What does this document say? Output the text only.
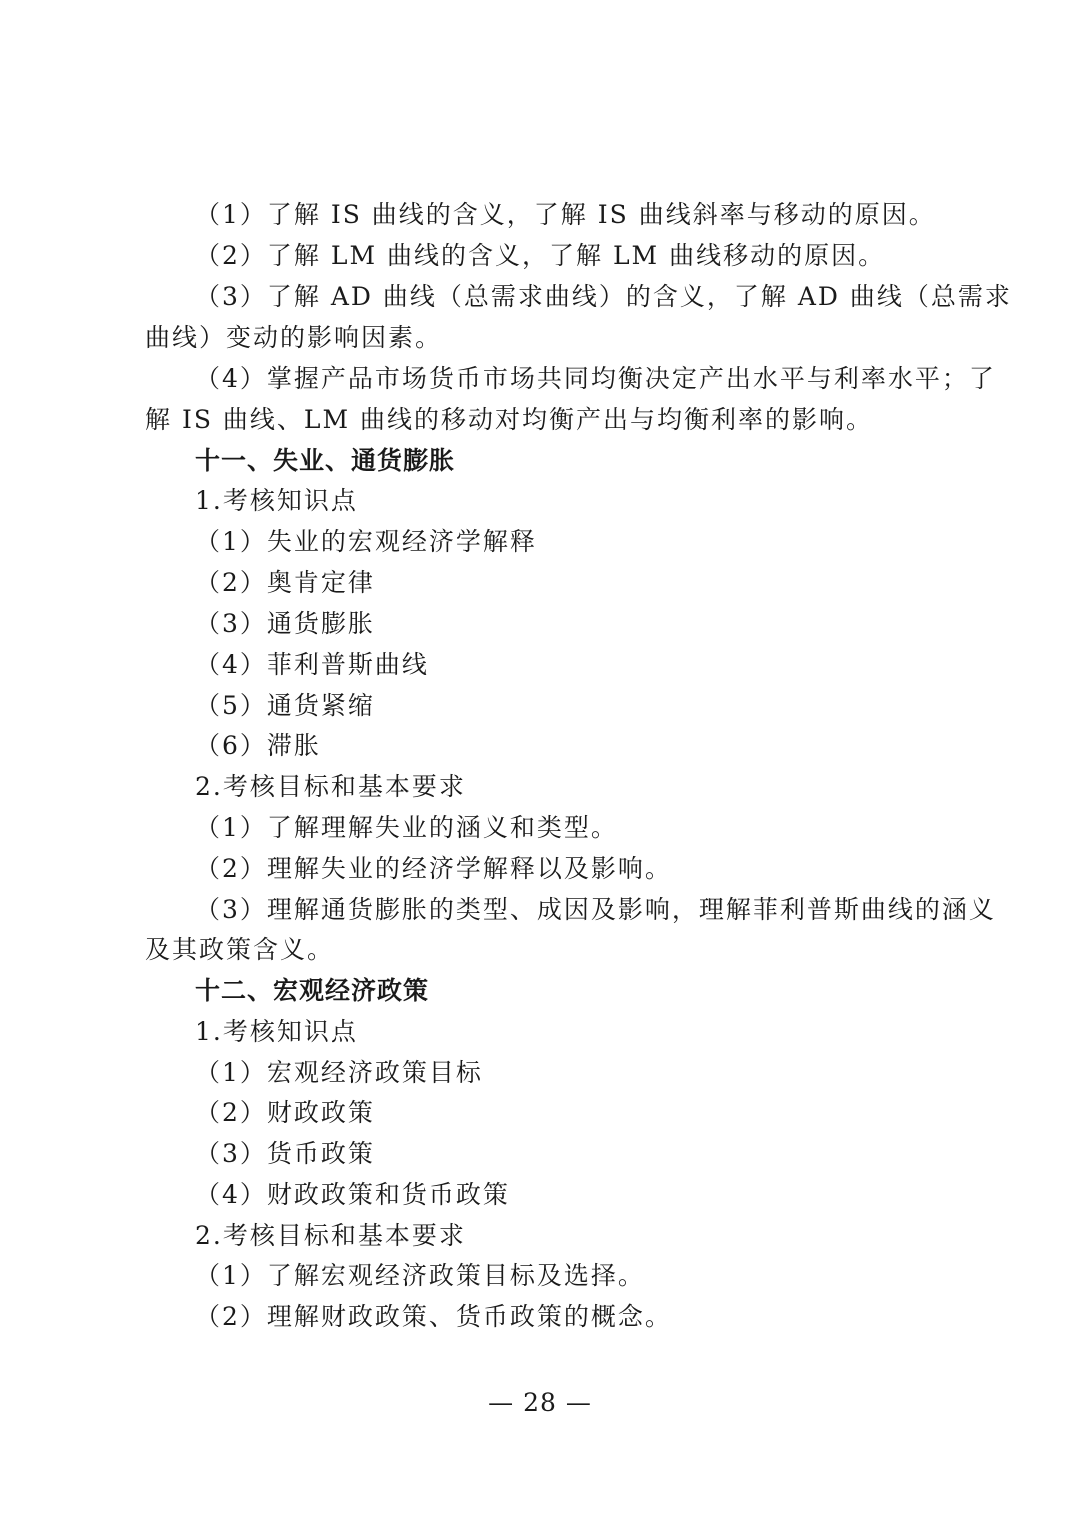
（1）了解 IS 曲线的含义，了解 IS 曲线斜率与移动的原因。
（2）了解 LM 曲线的含义，了解 LM 曲线移动的原因。
（3）了解 AD 曲线（总需求曲线）的含义，了解 AD 曲线（总需求
曲线）变动的影响因素。
（4）掌握产品市场货币市场共同均衡决定产出水平与利率水平；了
解 IS 曲线、LM 曲线的移动对均衡产出与均衡利率的影响。
十一、失业、通货膨胀
1.考核知识点
（1）失业的宏观经济学解释
（2）奥肯定律
（3）通货膨胀
（4）菲利普斯曲线
（5）通货紧缩
（6）滞胀
2.考核目标和基本要求
（1）了解理解失业的涵义和类型。
（2）理解失业的经济学解释以及影响。
（3）理解通货膨胀的类型、成因及影响，理解菲利普斯曲线的涵义
及其政策含义。
十二、宏观经济政策
1.考核知识点
（1）宏观经济政策目标
（2）财政政策
（3）货币政策
（4）财政政策和货币政策
2.考核目标和基本要求
（1）了解宏观经济政策目标及选择。
（2）理解财政政策、货币政策的概念。
— 28 —
